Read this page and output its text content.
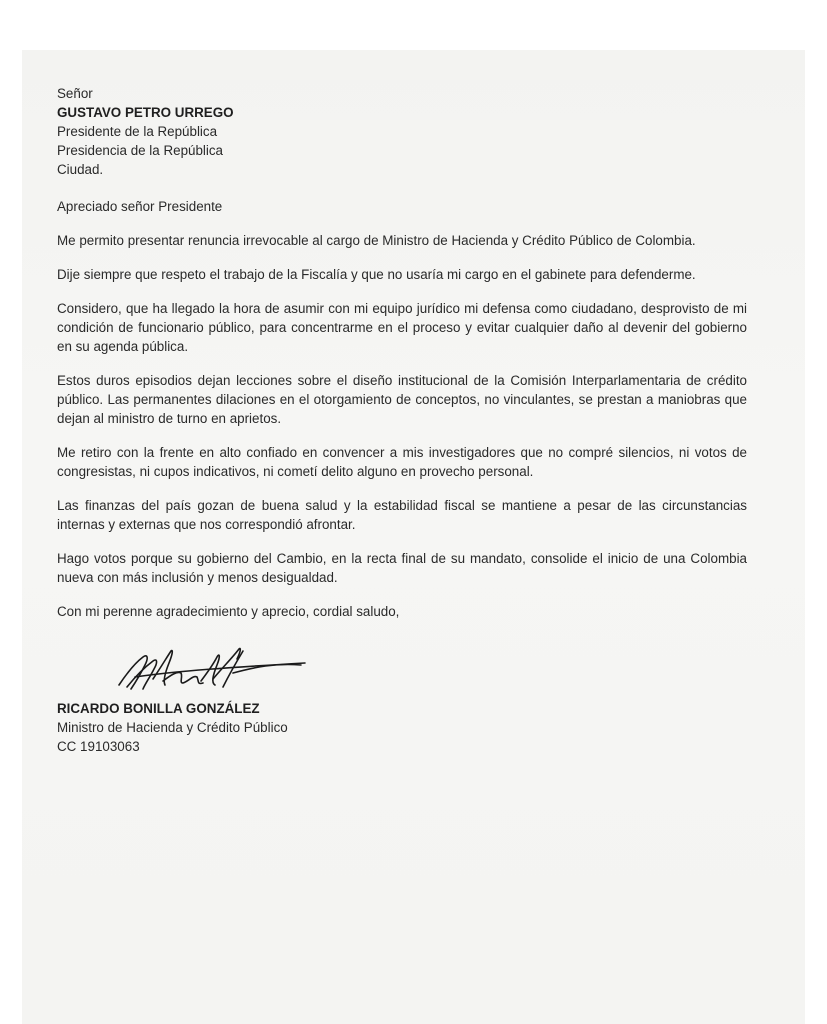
Señor
GUSTAVO PETRO URREGO
Presidente de la República
Presidencia de la República
Ciudad.

Apreciado señor Presidente

Me permito presentar renuncia irrevocable al cargo de Ministro de Hacienda y Crédito Público de Colombia.

Dije siempre que respeto el trabajo de la Fiscalía y que no usaría mi cargo en el gabinete para defenderme.

Considero, que ha llegado la hora de asumir con mi equipo jurídico mi defensa como ciudadano, desprovisto de mi condición de funcionario público, para concentrarme en el proceso y evitar cualquier daño al devenir del gobierno en su agenda pública.

Estos duros episodios dejan lecciones sobre el diseño institucional de la Comisión Interparlamentaria de crédito público. Las permanentes dilaciones en el otorgamiento de conceptos, no vinculantes, se prestan a maniobras que dejan al ministro de turno en aprietos.

Me retiro con la frente en alto confiado en convencer a mis investigadores que no compré silencios, ni votos de congresistas, ni cupos indicativos, ni cometí delito alguno en provecho personal.

Las finanzas del país gozan de buena salud y la estabilidad fiscal se mantiene a pesar de las circunstancias internas y externas que nos correspondió afrontar.

Hago votos porque su gobierno del Cambio, en la recta final de su mandato, consolide el inicio de una Colombia nueva con más inclusión y menos desigualdad.

Con mi perenne agradecimiento y aprecio, cordial saludo,

RICARDO BONILLA GONZÁLEZ
Ministro de Hacienda y Crédito Público
CC 19103063
